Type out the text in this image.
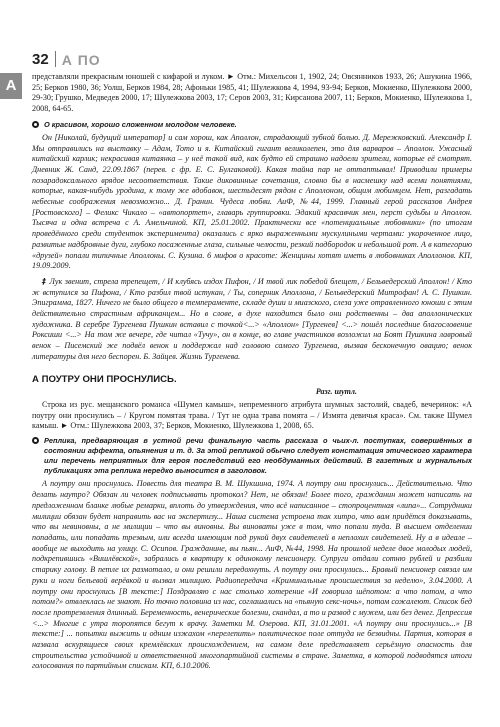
А
32 А ПО

представляли прекрасным юношей с кифарой и луком. ► Отм.: Михельсон 1, 1902, 24; Овсянников 1933, 26; Ашукина 1966, 25; Берков 1980, 36; Уолш, Берков 1984, 28; Афоньки 1985, 41; Шулежкова 4, 1994, 93-94; Берков, Мокиенко, Шулежкова 2000, 29-30; Грушко, Медведев 2000, 17; Шулежкова 2003, 17; Серов 2003, 31; Кирсанова 2007, 11; Берков, Мокиенко, Шулежкова 1, 2008, 64-65.

О красивом, хорошо сложенном молодом человеке.

Он [Николай, будущий император] и сам хорош, как Аполлон, страдающий зубной болью. Д. Мережковский. Александр I. Мы отправились на выставку – Адам, Тото и я. Китайский гигант великолепен, это для варваров – Аполлон. Ужасный китайский карлик; некрасивая китаянка – у неё такой вид, как будто ей страшно надоели зрители, которые её смотрят. Дневник Ж. Санд, 22.09.1867 (перев. с фр. Е. С. Булгаковой). Какая тайна пар не оттаптывал! Приводили примеры позарадоксального врядое несоответствия. Такие диковинные сочетания, словно бы в насмешку над всеми понятиями, которые, какая-нибудь уродина, к тому же вдобавок, шестьдесят рядом с Аполлоном, общим любимцем. Нет, разгадать небесные соображения невозможно... Д. Гранин. Чудеса любви. АиФ, №44, 1999. Главный герой рассказов Андрея [Ростовского] – Феликс Чикало – «автопортет», главарь группировки. Эдакий красавчик мен, перст судьбы и Аполлон. Тысяча и одна встреча с А. Амельчиной. КП, 25.01.2002. Практически все «потенциальные любовники» (по итогам проведённого среди студенток эксперимента) оказались с ярко выраженными мускулиными чертами: укороченное лицо, развитые надбровные дуги, глубоко посаженные глаза, сильные челюсти, резкий подбородок и небольшой рот. А в категорию «друзей» попали типичные Аполлоны. С. Кузина. 6 мифов о красоте: Женщины хотят иметь в любовниках Аполлонов. КП, 19.09.2009.

‡ Лук звенит, стрела трепещет, / И клубясь издох Пифон, / И твой лик победой блещет, / Бельведерский Аполлон! / Кто ж вступился за Пифона, / Кто разбил твой истукан, / Ты, соперник Аполлона, / Бельведерский Митрофан! А. С. Пушкин. Эпиграмма, 1827. Ничего не было общего в темпераменте, складе души и миазского, слеза уже отравленного юноши с этим действительно страстным африканцем... Но в слове, в духе находится было они родственны – два аполлоническиx художника. В серебре Тургенева Пушкин вставил с точкой<...> «Аполлон» [Тургенев] <...> пошёл последние благословение Роксиши <...> На том же вечере, где читал «Тучу», он в конце, во главе участников возложил на Боят Пушкина лавровый венок – Писемский же подвёл венок и поддержал над головою самого Тургенева, вызвав бесконечную овацию; венок литературы для него беспорен. Б. Зайцев. Жизнь Тургенева.

А ПОУТРУ ОНИ ПРОСНУЛИСЬ.
Разг. шутл.

Строка из рус. мещанского романса «Шумел камыш», непременного атрибута шумных застолий, свадеб, вечеринок: «А поутру они проснулись – / Кругом помятая трава. / Тут не одна трава помята – / Измята девичья краса». См. также Шумел камыш. ► Отм.: Шулежкова 2003, 37; Берков, Мокиенко, Шулежкова 1, 2008, 65.

Реплика, предваряющая в устной речи финальную часть рассказа о чьих-л. поступках, совершённых в состоянии аффекта, опьянения и т. д. За этой репликой обычно следует констатация этического характера или перечень неприятных для героя последствий его необдуманных действий. В газетных и журнальных публикациях эта реплика нередко выносится в заголовок.

А поутру они проснулись. Повесть для театра В. М. Шукшина, 1974. А поутру они проснулись... Действительно. Что делать наутро? Обязан ли человек подписывать протокол? Нет, не обязан! Более того, гражданин может написать на предложенном бланке любые ремарки, вплоть до утверждения, что всё написанное – стопроцентная «липа»... Сотрудники милиции обязан будет направить вас на экспертизу... Наша система устроена так хитро, что вам придётся доказывать, что вы невиновны, а не милиции – что вы виновны. Вы виноваты уже в том, что попали туда. В высшем отделении попадать, или попадать трезвым, или всегда имеющим под рукой двух свидетелей в неплохих свидетелей. Ну а в идеале – вообще не выходить на улицу. С. Осипов. Гражданине, вы пьян... АиФ, №44, 1998. На прошлой неделе двое молодых людей, подкрепившись «Вишлёвской», забрались в квартиру к одинокому пенсионеру. Супруги отдали сотню рублей и разбили старику голову. В петле их размотало, и они решили передохнуть. А поутру они проснулись... Бравый пенсионер связал им руки и ноги бельевой верёвкой и вызвал милицию. Радиопередача «Криминальные происшествия за неделю», 3.04.2000. А поутру они проснулись [В тексте:] Поздравляю с нас столько хотерение «И говорила шёпотом: а что потом, а что потом?» отвлеклась не знают. Но точно половина из нас, соглашались на «пьяную секс-ночь», потом сожалеют. Список бед после протрезвления длинный. Беременность, венерические болезни, скандал, а то и развод с мужем, или без денег. Депрессия <...> Многие с утра торопятся бегут к врачу. Заметки М. Озерова. КП, 31.01.2001. «А поутру они проснулись...» [В тексте:] ... попытки выжить и одним изжахом «перелепить» политическое поле оттуда не безвидны. Партия, которая в назвала вскурящиеся своих кремлёвских происхождением, на самом деле представляет серьёзную опасность для строительства устойчивой и ответственной многопартийной системы в стране. Заметка, в которой подводятся итоги голосования по партийным спискам. КП, 6.10.2006.
